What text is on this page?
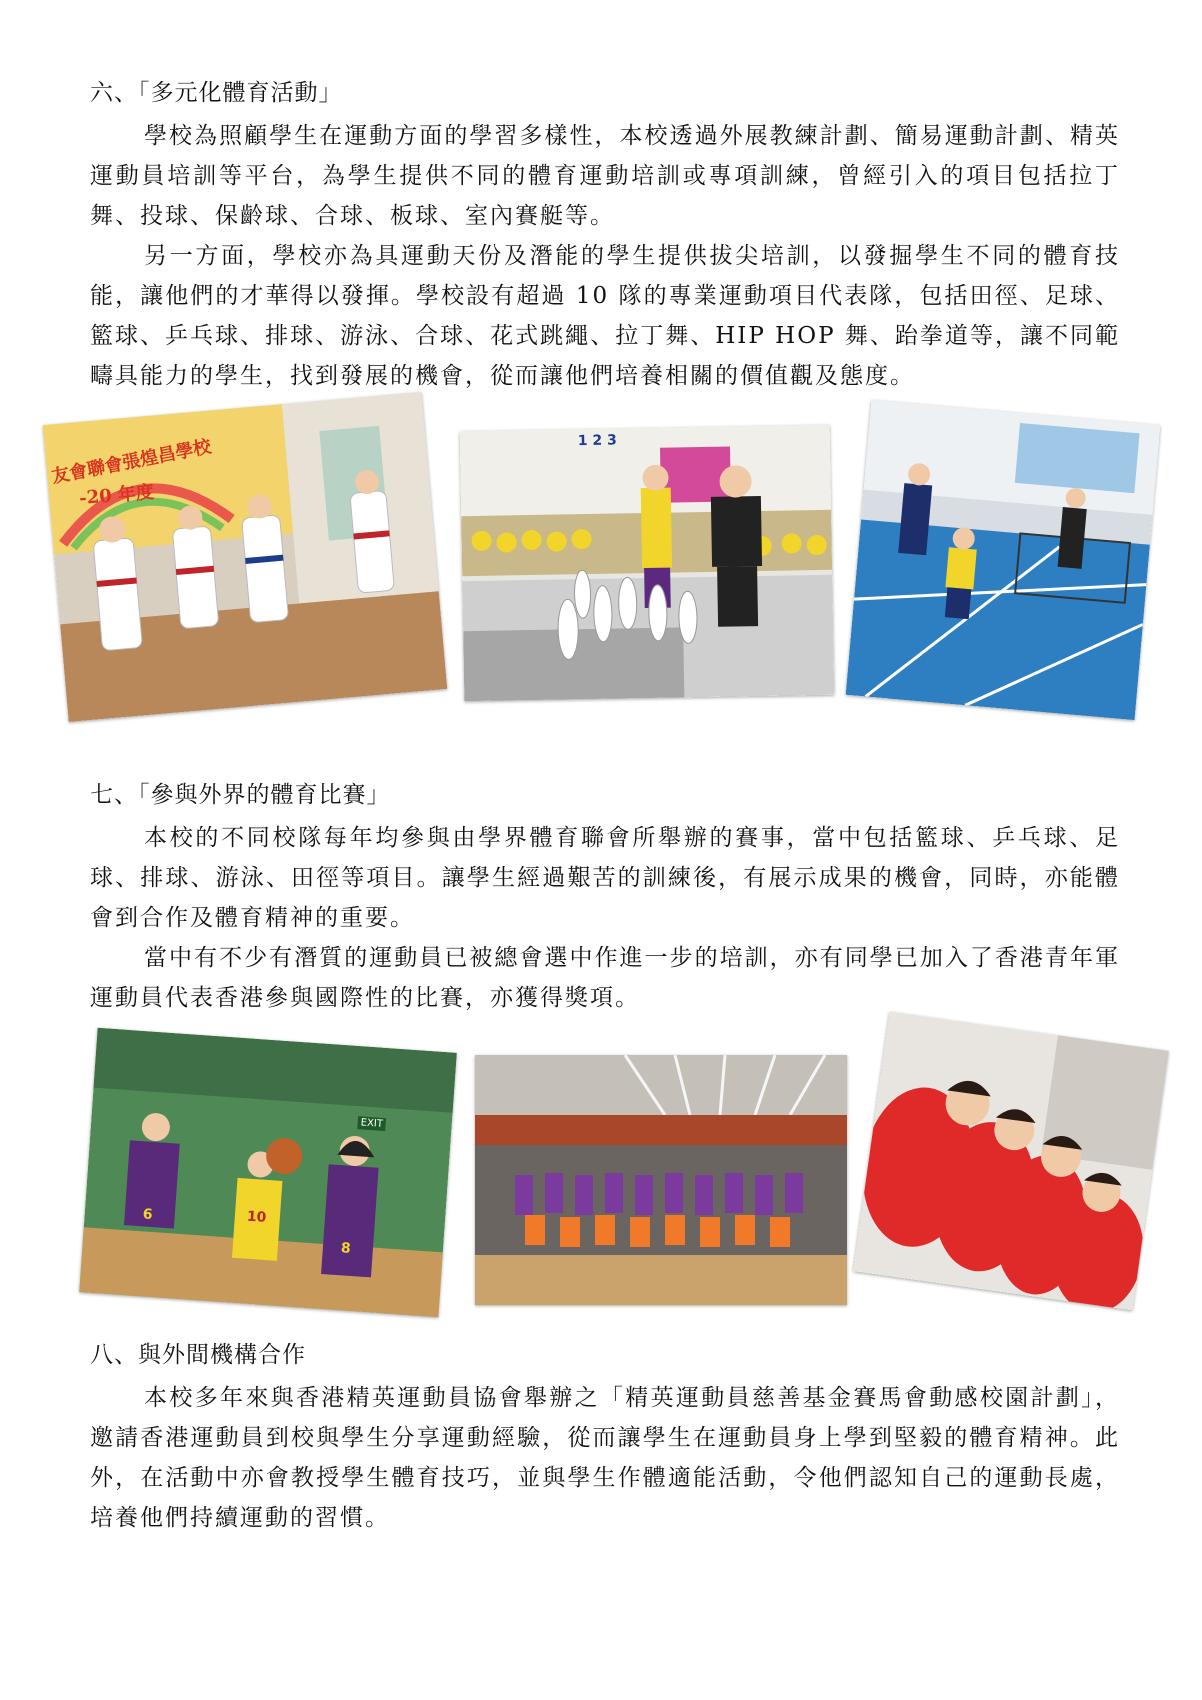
六、「多元化體育活動」

學校為照顧學生在運動方面的學習多樣性，本校透過外展教練計劃、簡易運動計劃、精英運動員培訓等平台，為學生提供不同的體育運動培訓或專項訓練，曾經引入的項目包括拉丁舞、投球、保齡球、合球、板球、室內賽艇等。

另一方面，學校亦為具運動天份及潛能的學生提供拔尖培訓，以發掘學生不同的體育技能，讓他們的才華得以發揮。學校設有超過 10 隊的專業運動項目代表隊，包括田徑、足球、籃球、乒乓球、排球、游泳、合球、花式跳繩、拉丁舞、HIP HOP 舞、跆拳道等，讓不同範疇具能力的學生，找到發展的機會，從而讓他們培養相關的價值觀及態度。

友會聯會張煌昌學校
-20 年度
1 2 3

七、「參與外界的體育比賽」

本校的不同校隊每年均參與由學界體育聯會所舉辦的賽事，當中包括籃球、乒乓球、足球、排球、游泳、田徑等項目。讓學生經過艱苦的訓練後，有展示成果的機會，同時，亦能體會到合作及體育精神的重要。

當中有不少有潛質的運動員已被總會選中作進一步的培訓，亦有同學已加入了香港青年軍運動員代表香港參與國際性的比賽，亦獲得獎項。

EXIT
6	10
8

八、與外間機構合作

本校多年來與香港精英運動員協會舉辦之「精英運動員慈善基金賽馬會動感校園計劃」，邀請香港運動員到校與學生分享運動經驗，從而讓學生在運動員身上學到堅毅的體育精神。此外，在活動中亦會教授學生體育技巧，並與學生作體適能活動，令他們認知自己的運動長處，培養他們持續運動的習慣。
